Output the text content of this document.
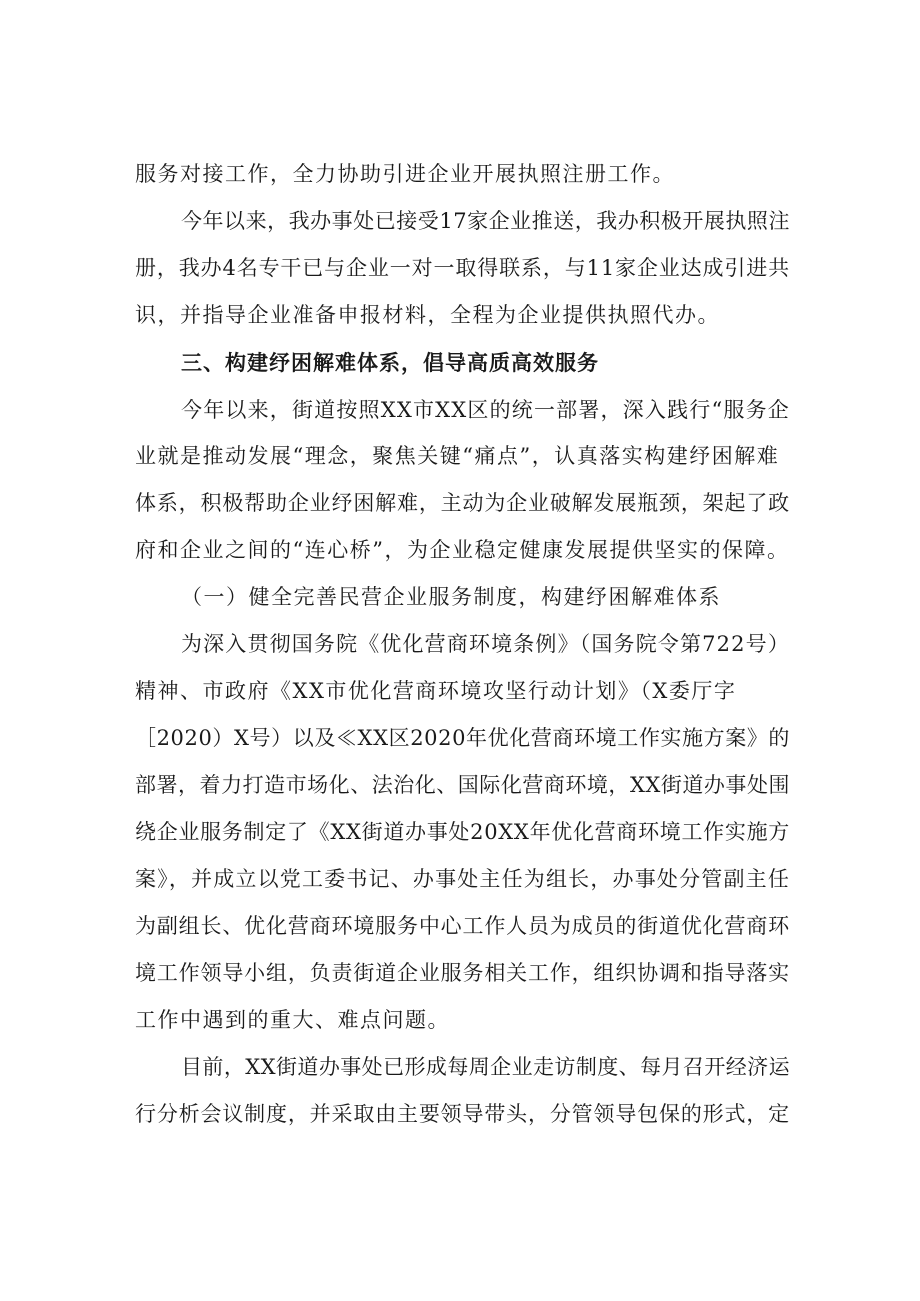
服务对接工作，全力协助引进企业开展执照注册工作。
今年以来，我办事处已接受17家企业推送，我办积极开展执照注
册，我办4名专干已与企业一对一取得联系，与11家企业达成引进共
识，并指导企业准备申报材料，全程为企业提供执照代办。
三、构建纾困解难体系，倡导高质高效服务
今年以来，街道按照XX市XX区的统一部署，深入践行“服务企
业就是推动发展“理念，聚焦关键“痛点”，认真落实构建纾困解难
体系，积极帮助企业纾困解难，主动为企业破解发展瓶颈，架起了政
府和企业之间的“连心桥”，为企业稳定健康发展提供坚实的保障。
（一）健全完善民营企业服务制度，构建纾困解难体系
为深入贯彻国务院《优化营商环境条例》（国务院令第722号）
精神、市政府《XX市优化营商环境攻坚行动计划》（X委厅字
［2020）X号）以及≪XX区2020年优化营商环境工作实施方案》的
部署，着力打造市场化、法治化、国际化营商环境，XX街道办事处围
绕企业服务制定了《XX街道办事处20XX年优化营商环境工作实施方
案》，并成立以党工委书记、办事处主任为组长，办事处分管副主任
为副组长、优化营商环境服务中心工作人员为成员的街道优化营商环
境工作领导小组，负责街道企业服务相关工作，组织协调和指导落实
工作中遇到的重大、难点问题。
目前，XX街道办事处已形成每周企业走访制度、每月召开经济运
行分析会议制度，并采取由主要领导带头，分管领导包保的形式，定
